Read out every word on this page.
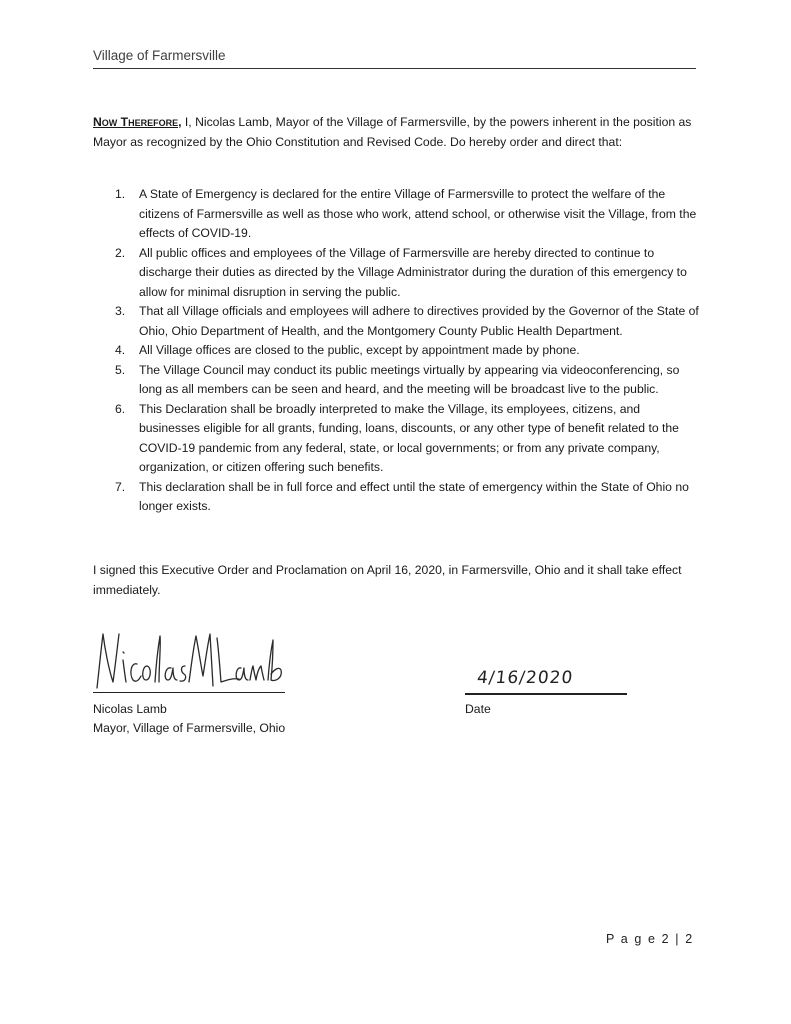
Village of Farmersville
Now Therefore, I, Nicolas Lamb, Mayor of the Village of Farmersville, by the powers inherent in the position as Mayor as recognized by the Ohio Constitution and Revised Code. Do hereby order and direct that:
1.	A State of Emergency is declared for the entire Village of Farmersville to protect the welfare of the citizens of Farmersville as well as those who work, attend school, or otherwise visit the Village, from the effects of COVID-19.
2.	All public offices and employees of the Village of Farmersville are hereby directed to continue to discharge their duties as directed by the Village Administrator during the duration of this emergency to allow for minimal disruption in serving the public.
3.	That all Village officials and employees will adhere to directives provided by the Governor of the State of Ohio, Ohio Department of Health, and the Montgomery County Public Health Department.
4.	All Village offices are closed to the public, except by appointment made by phone.
5.	The Village Council may conduct its public meetings virtually by appearing via videoconferencing, so long as all members can be seen and heard, and the meeting will be broadcast live to the public.
6.	This Declaration shall be broadly interpreted to make the Village, its employees, citizens, and businesses eligible for all grants, funding, loans, discounts, or any other type of benefit related to the COVID-19 pandemic from any federal, state, or local governments; or from any private company, organization, or citizen offering such benefits.
7.	This declaration shall be in full force and effect until the state of emergency within the State of Ohio no longer exists.
I signed this Executive Order and Proclamation on April 16, 2020, in Farmersville, Ohio and it shall take effect immediately.
Nicolas Lamb
Mayor, Village of Farmersville, Ohio
4/16/2020
Date
P a g e 2 | 2
